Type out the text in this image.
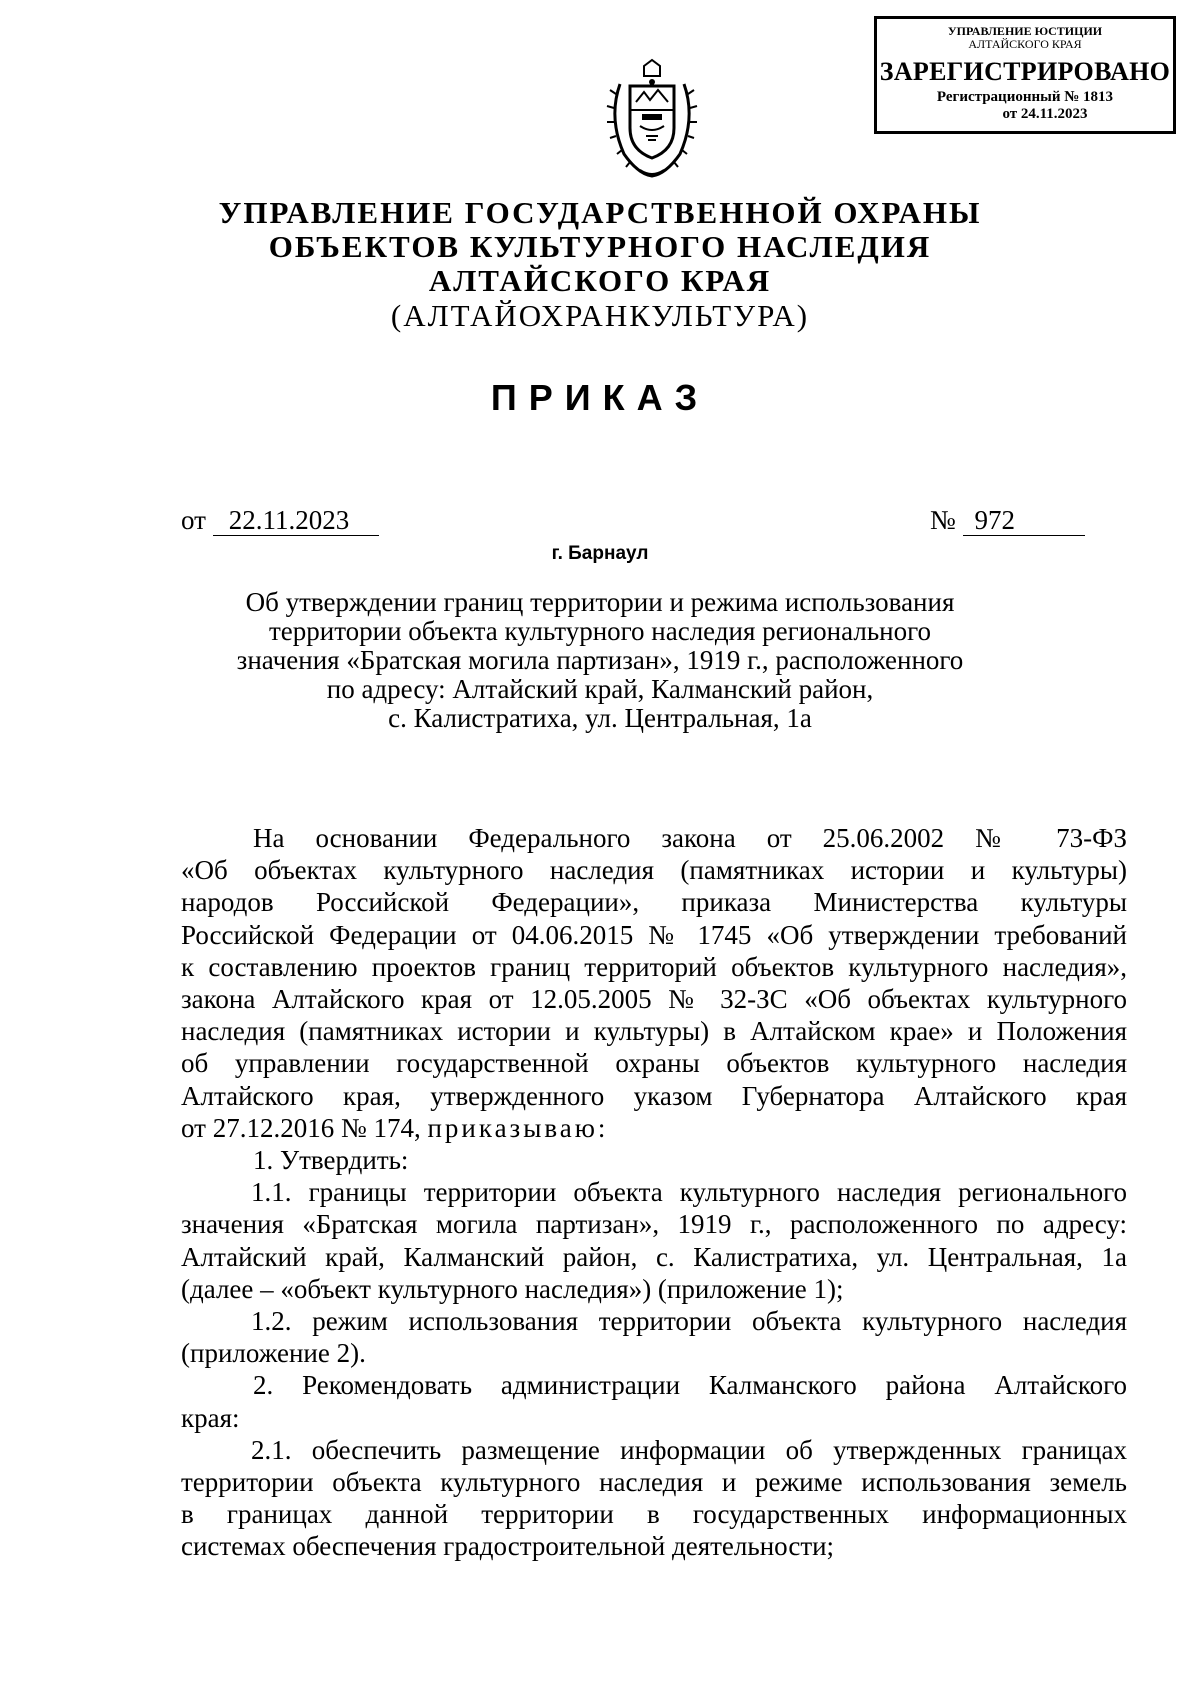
УПРАВЛЕНИЕ ЮСТИЦИИ
АЛТАЙСКОГО КРАЯ
ЗАРЕГИСТРИРОВАНО
Регистрационный № 1813
от 24.11.2023
УПРАВЛЕНИЕ ГОСУДАРСТВЕННОЙ ОХРАНЫ
ОБЪЕКТОВ КУЛЬТУРНОГО НАСЛЕДИЯ
АЛТАЙСКОГО КРАЯ
(АЛТАЙОХРАНКУЛЬТУРА)
ПРИКАЗ
от 22.11.2023	№ 972
г. Барнаул
Об утверждении границ территории и режима использования
территории объекта культурного наследия регионального
значения «Братская могила партизан», 1919 г., расположенного
по адресу: Алтайский край, Калманский район,
с. Калистратиха, ул. Центральная, 1а
На основании Федерального закона от 25.06.2002 № 73-ФЗ
«Об объектах культурного наследия (памятниках истории и культуры)
народов Российской Федерации», приказа Министерства культуры
Российской Федерации от 04.06.2015 № 1745 «Об утверждении требований
к составлению проектов границ территорий объектов культурного наследия»,
закона Алтайского края от 12.05.2005 № 32-ЗС «Об объектах культурного
наследия (памятниках истории и культуры) в Алтайском крае» и Положения
об управлении государственной охраны объектов культурного наследия
Алтайского края, утвержденного указом Губернатора Алтайского края
от 27.12.2016 № 174, приказываю:
1. Утвердить:
1.1. границы территории объекта культурного наследия регионального
значения «Братская могила партизан», 1919 г., расположенного по адресу:
Алтайский край, Калманский район, с. Калистратиха, ул. Центральная, 1а
(далее – «объект культурного наследия») (приложение 1);
1.2. режим использования территории объекта культурного наследия
(приложение 2).
2. Рекомендовать администрации Калманского района Алтайского
края:
2.1. обеспечить размещение информации об утвержденных границах
территории объекта культурного наследия и режиме использования земель
в границах данной территории в государственных информационных
системах обеспечения градостроительной деятельности;
